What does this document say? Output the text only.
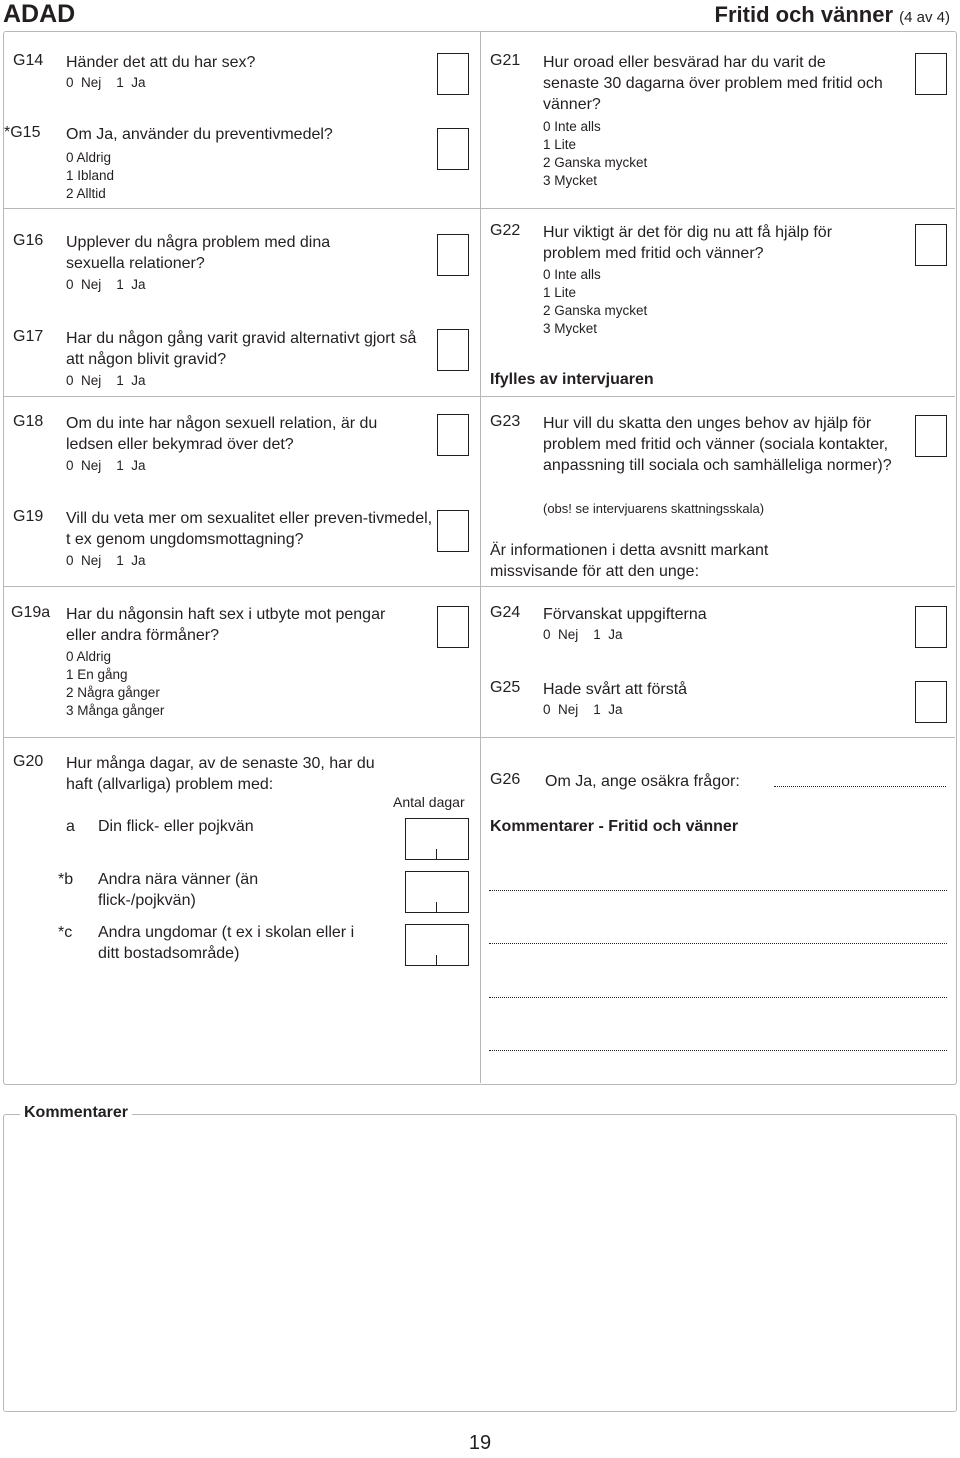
ADAD	Fritid och vänner (4 av 4)
G14 Händer det att du har sex?
0  Nej    1  Ja
*G15 Om Ja, använder du preventivmedel?
0 Aldrig
1 Ibland
2 Alltid
G16 Upplever du några problem med dina sexuella relationer?
0  Nej    1  Ja
G17 Har du någon gång varit gravid alternativt gjort så att någon blivit gravid?
0  Nej    1  Ja
G18 Om du inte har någon sexuell relation, är du ledsen eller bekymrad över det?
0  Nej    1  Ja
G19 Vill du veta mer om sexualitet eller preven-tivmedel, t ex genom ungdomsmottagning?
0  Nej    1  Ja
G19a Har du någonsin haft sex i utbyte mot pengar eller andra förmåner?
0 Aldrig
1 En gång
2 Några gånger
3 Många gånger
G21 Hur oroad eller besvärad har du varit de senaste 30 dagarna över problem med fritid och vänner?
0 Inte alls
1 Lite
2 Ganska mycket
3 Mycket
G22 Hur viktigt är det för dig nu att få hjälp för problem med fritid och vänner?
0 Inte alls
1 Lite
2 Ganska mycket
3 Mycket
Ifylles av intervjuaren
G23 Hur vill du skatta den unges behov av hjälp för problem med fritid och vänner (sociala kontakter, anpassning till sociala och samhälleliga normer)?
(obs! se intervjuarens skattningsskala)
Är informationen i detta avsnitt markant missvisande för att den unge:
G24 Förvanskat uppgifterna
0  Nej    1  Ja
G25 Hade svårt att förstå
0  Nej    1  Ja
G20 Hur många dagar, av de senaste 30, har du haft (allvarliga) problem med:
Antal dagar
a Din flick- eller pojkvän
*b Andra nära vänner (än flick-/pojkvän)
*c Andra ungdomar (t ex i skolan eller i ditt bostadsområde)
G26 Om Ja, ange osäkra frågor:
Kommentarer - Fritid och vänner
Kommentarer
19
